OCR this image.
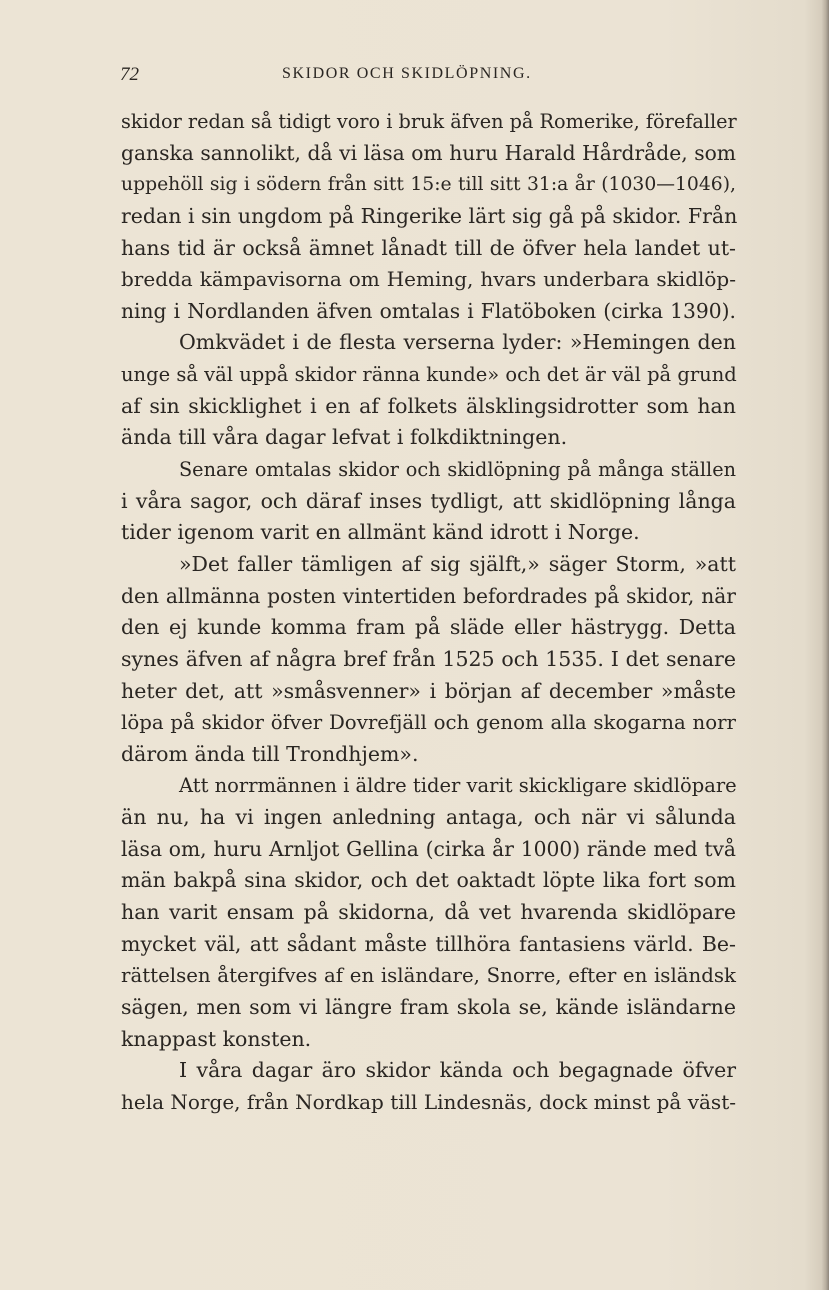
72	SKIDOR OCH SKIDLÖPNING.
skidor redan så tidigt voro i bruk äfven på Romerike, förefaller
ganska sannolikt, då vi läsa om huru Harald Hårdråde, som
uppehöll sig i södern från sitt 15:e till sitt 31:a år (1030—1046),
redan i sin ungdom på Ringerike lärt sig gå på skidor. Från
hans tid är också ämnet lånadt till de öfver hela landet ut-
bredda kämpavisorna om Heming, hvars underbara skidlöp-
ning i Nordlanden äfven omtalas i Flatöboken (cirka 1390).
Omkvädet i de flesta verserna lyder: »Hemingen den
unge så väl uppå skidor ränna kunde» och det är väl på grund
af sin skicklighet i en af folkets älsklingsidrotter som han
ända till våra dagar lefvat i folkdiktningen.
Senare omtalas skidor och skidlöpning på många ställen
i våra sagor, och däraf inses tydligt, att skidlöpning långa
tider igenom varit en allmänt känd idrott i Norge.
»Det faller tämligen af sig själft,» säger Storm, »att
den allmänna posten vintertiden befordrades på skidor, när
den ej kunde komma fram på släde eller hästrygg. Detta
synes äfven af några bref från 1525 och 1535. I det senare
heter det, att »småsvenner» i början af december »måste
löpa på skidor öfver Dovrefjäll och genom alla skogarna norr
därom ända till Trondhjem».
Att norrmännen i äldre tider varit skickligare skidlöpare
än nu, ha vi ingen anledning antaga, och när vi sålunda
läsa om, huru Arnljot Gellina (cirka år 1000) rände med två
män bakpå sina skidor, och det oaktadt löpte lika fort som
han varit ensam på skidorna, då vet hvarenda skidlöpare
mycket väl, att sådant måste tillhöra fantasiens värld. Be-
rättelsen återgifves af en isländare, Snorre, efter en isländsk
sägen, men som vi längre fram skola se, kände isländarne
knappast konsten.
I våra dagar äro skidor kända och begagnade öfver
hela Norge, från Nordkap till Lindesnäs, dock minst på väst-
